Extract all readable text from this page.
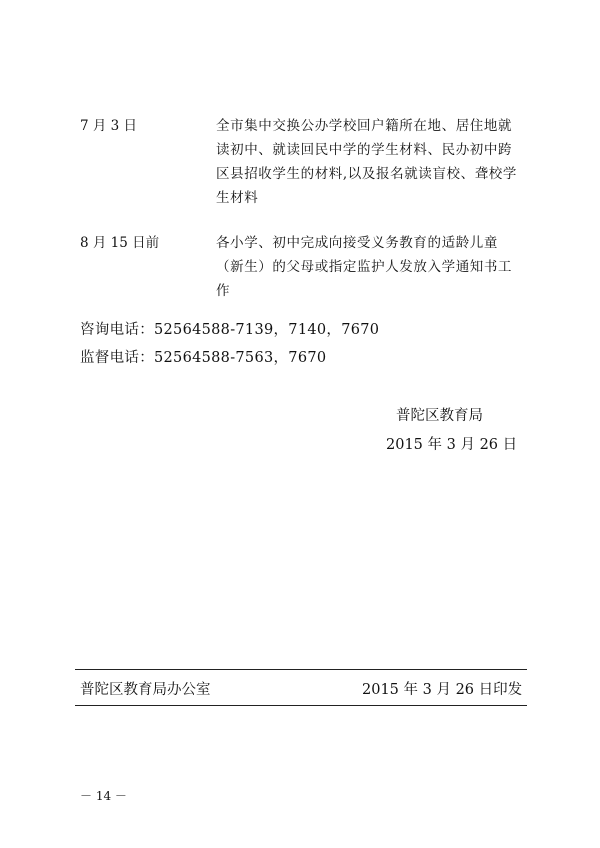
7 月 3 日	全市集中交换公办学校回户籍所在地、居住地就读初中、就读回民中学的学生材料、民办初中跨区县招收学生的材料,以及报名就读盲校、聋校学生材料
8 月 15 日前	各小学、初中完成向接受义务教育的适龄儿童（新生）的父母或指定监护人发放入学通知书工作
咨询电话：52564588-7139，7140，7670
监督电话：52564588-7563，7670
普陀区教育局
2015 年 3 月 26 日
普陀区教育局办公室	2015 年 3 月 26 日印发
－ 14 －
